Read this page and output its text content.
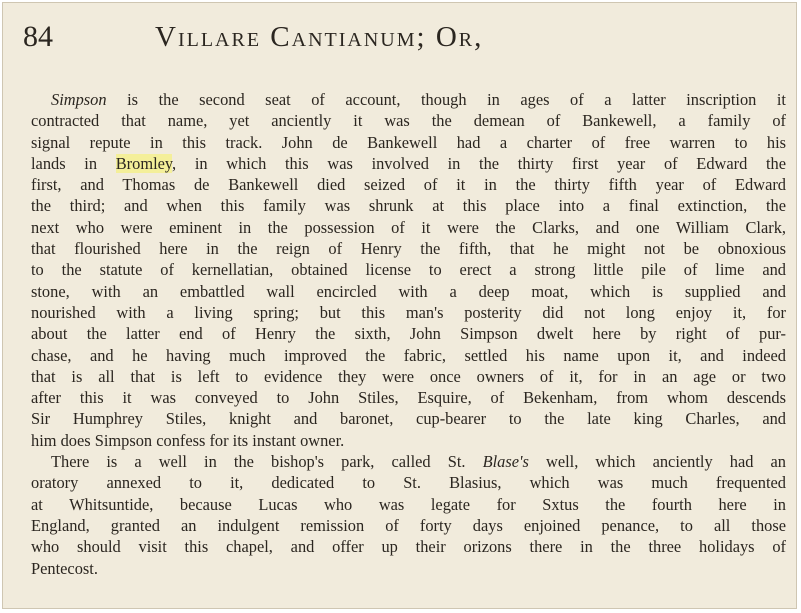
84	Villare Cantianum; Or,
Simpson is the second seat of account, though in ages of a latter inscription it
contracted that name, yet anciently it was the demean of Bankewell, a family of
signal repute in this track. John de Bankewell had a charter of free warren to his
lands in Bromley, in which this was involved in the thirty first year of Edward the
first, and Thomas de Bankewell died seized of it in the thirty fifth year of Edward
the third; and when this family was shrunk at this place into a final extinction, the
next who were eminent in the possession of it were the Clarks, and one William Clark,
that flourished here in the reign of Henry the fifth, that he might not be obnoxious
to the statute of kernellatian, obtained license to erect a strong little pile of lime and
stone, with an embattled wall encircled with a deep moat, which is supplied and
nourished with a living spring; but this man's posterity did not long enjoy it, for
about the latter end of Henry the sixth, John Simpson dwelt here by right of pur-
chase, and he having much improved the fabric, settled his name upon it, and indeed
that is all that is left to evidence they were once owners of it, for in an age or two
after this it was conveyed to John Stiles, Esquire, of Bekenham, from whom descends
Sir Humphrey Stiles, knight and baronet, cup-bearer to the late king Charles, and
him does Simpson confess for its instant owner.
There is a well in the bishop's park, called St. Blase's well, which anciently had an
oratory annexed to it, dedicated to St. Blasius, which was much frequented
at Whitsuntide, because Lucas who was legate for Sxtus the fourth here in
England, granted an indulgent remission of forty days enjoined penance, to all those
who should visit this chapel, and offer up their orizons there in the three holidays of
Pentecost.
